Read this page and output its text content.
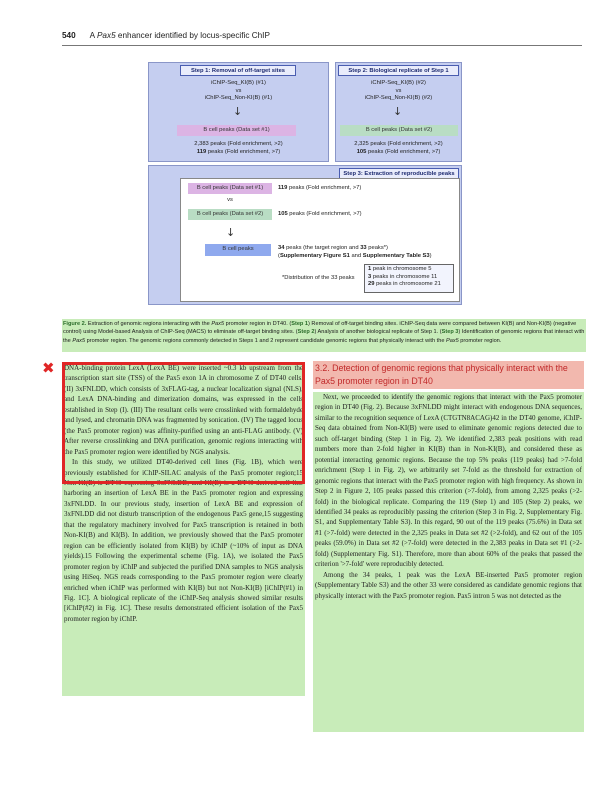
540 A Pax5 enhancer identified by locus-specific ChIP
Step 1: Removal of off-target sites
iChIP-Seq_KI(B) (#1)
vs
iChIP-Seq_Non-KI(B) (#1)
↓
B cell peaks (Data set #1)
2,383 peaks (Fold enrichment, >2)
119 peaks (Fold enrichment, >7)
Step 2: Biological replicate of Step 1
iChIP-Seq_KI(B) (#2)
vs
iChIP-Seq_Non-KI(B) (#2)
↓
B cell peaks (Data set #2)
2,325 peaks (Fold enrichment, >2)
105 peaks (Fold enrichment, >7)
Step 3: Extraction of reproducible peaks
B cell peaks (Data set #1)	119 peaks (Fold enrichment, >7)
vs
B cell peaks (Data set #2)	105 peaks (Fold enrichment, >7)
↓
B cell peaks	34 peaks (the target region and 33 peaks*)
(Supplementary Figure S1 and Supplementary Table S3)
*Distribution of the 33 peaks
1 peak in chromosome 5
3 peaks in chromosome 11
29 peaks in chromosome 21
Figure 2. Extraction of genomic regions interacting with the Pax5 promoter region in DT40. (Step 1) Removal of off-target binding sites. iChIP-Seq data were compared between KI(B) and Non-KI(B) (negative control) using Model-based Analysis of ChIP-Seq (MACS) to eliminate off-target binding sites. (Step 2) Analysis of another biological replicate of Step 1. (Step 3) Identification of genomic regions that interact with the Pax5 promoter region. The genomic regions commonly detected in Steps 1 and 2 represent candidate genomic regions that physically interact with the Pax5 promoter region.

DNA-binding protein LexA (LexA BE) were inserted ~0.3 kb upstream from the transcription start site (TSS) of the Pax5 exon 1A in chromosome Z of DT40 cells. (II) 3xFNLDD, which consists of 3xFLAG-tag, a nuclear localization signal (NLS), and LexA DNA-binding and dimerization domains, was expressed in the cells established in Step (I). (III) The resultant cells were crosslinked with formaldehyde and lysed, and chromatin DNA was fragmented by sonication. (IV) The tagged locus (the Pax5 promoter region) was affinity-purified using an anti-FLAG antibody. (V) After reverse crosslinking and DNA purification, genomic regions interacting with the Pax5 promoter region were identified by NGS analysis.

In this study, we utilized DT40-derived cell lines (Fig. 1B), which were previously established for iChIP-SILAC analysis of the Pax5 promoter region;15 Non-KI(B) is DT40 expressing 3xFNLDD, and KI(B) is a DT40-derived cell line harboring an insertion of LexA BE in the Pax5 promoter region and expressing 3xFNLDD. In our previous study, insertion of LexA BE and expression of 3xFNLDD did not disturb transcription of the endogenous Pax5 gene,15 suggesting that the regulatory machinery involved for Pax5 transcription is retained in both Non-KI(B) and KI(B). In addition, we previously showed that the Pax5 promoter region can be efficiently isolated from KI(B) by iChIP (~10% of input as DNA yields).15 Following the experimental scheme (Fig. 1A), we isolated the Pax5 promoter region by iChIP and subjected the purified DNA samples to NGS analysis using HiSeq. NGS reads corresponding to the Pax5 promoter region were clearly enriched when iChIP was performed with KI(B) but not Non-KI(B) [iChIP(#1) in Fig. 1C]. A biological replicate of the iChIP-Seq analysis showed similar results [iChIP(#2) in Fig. 1C]. These results demonstrated efficient isolation of the Pax5 promoter region by iChIP.

✖	3.2. Detection of genomic regions that physically interact with the Pax5 promoter region in DT40

Next, we proceeded to identify the genomic regions that interact with the Pax5 promoter region in DT40 (Fig. 2). Because 3xFNLDD might interact with endogenous DNA sequences, similar to the recognition sequence of LexA (CTGTN8ACAG)42 in the DT40 genome, iChIP-Seq data obtained from Non-KI(B) were used to eliminate genomic regions detected due to such off-target binding (Step 1 in Fig. 2). We identified 2,383 peak positions with read numbers more than 2-fold higher in KI(B) than in Non-KI(B), and considered these as potential interacting genomic regions. Because the top 5% peaks (119 peaks) had >7-fold enrichment (Step 1 in Fig. 2), we arbitrarily set 7-fold as the threshold for extraction of genomic regions that interact with the Pax5 promoter region with high frequency. As shown in Step 2 in Figure 2, 105 peaks passed this criterion (>7-fold), from among 2,325 peaks (>2-fold) in the biological replicate. Comparing the 119 (Step 1) and 105 (Step 2) peaks, we identified 34 peaks as reproducibly passing the criterion (Step 3 in Fig. 2, Supplementary Fig. S1, and Supplementary Table S3). In this regard, 90 out of the 119 peaks (75.6%) in Data set #1 (>7-fold) were detected in the 2,325 peaks in Data set #2 (>2-fold), and 62 out of the 105 peaks (59.0%) in Data set #2 (>7-fold) were detected in the 2,383 peaks in Data set #1 (>2-fold) (Supplementary Fig. S1). Therefore, more than about 60% of the peaks that passed the criterion '>7-fold' were reproducibly detected.

Among the 34 peaks, 1 peak was the LexA BE-inserted Pax5 promoter region (Supplementary Table S3) and the other 33 were considered as candidate genomic regions that physically interact with the Pax5 promoter region. Pax5 intron 5 was not detected as the
